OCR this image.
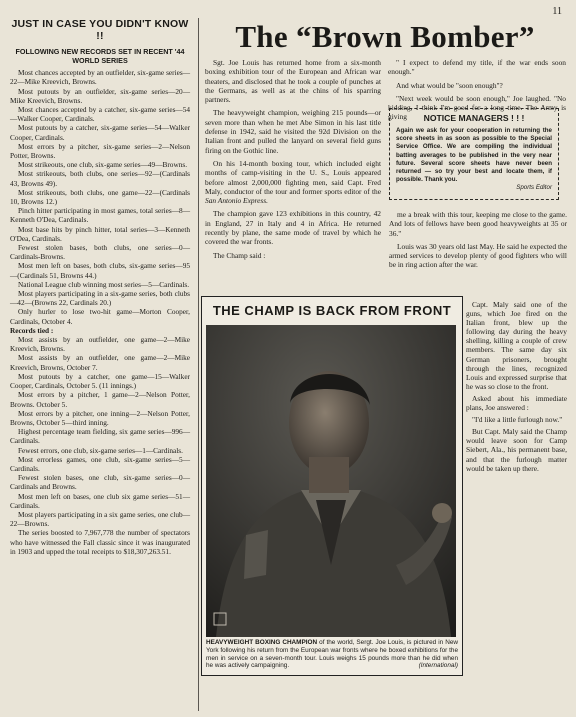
11
JUST IN CASE YOU DIDN'T KNOW !!
FOLLOWING NEW RECORDS SET IN RECENT '44 WORLD SERIES

Most chances accepted by an outfielder, six-game series—22—Mike Kreevich, Browns.

Most putouts by an outfielder, six-game series—20—Mike Kreevich, Browns.

Most chances accepted by a catcher, six-game series—54—Walker Cooper, Cardinals.

Most putouts by a catcher, six-game series—54—Walker Cooper, Cardinals.

Most errors by a pitcher, six-game series—2—Nelson Potter, Browns.

Most strikeouts, one club, six-game series—49—Browns.

Most strikeouts, both clubs, one series—92—(Cardinals 43, Browns 49).

Most strikeouts, both clubs, one game—22—(Cardinals 10, Browns 12.)

Pinch hitter participating in most games, total series—8—Kenneth O'Dea, Cardinals.

Most base hits by pinch hitter, total series—3—Kenneth O'Dea, Cardinals.

Fewest stolen bases, both clubs, one series—0—Cardinals-Browns.

Most men left on bases, both clubs, six-game series—95—(Cardinals 51, Browns 44.)

National League club winning most series—5—Cardinals.

Most players participating in a six-game series, both clubs—42—(Browns 22, Cardinals 20.)

Only hurler to lose two-hit game—Morton Cooper, Cardinals, October 4.

Records tied :

Most assists by an outfielder, one game—2—Mike Kreevich, Browns.

Most assists by an outfielder, one game—2—Mike Kreevich, Browns, October 7.

Most putouts by a catcher, one game—15—Walker Cooper, Cardinals, October 5. (11 innings.)

Most errors by a pitcher, 1 game—2—Nelson Potter, Browns. October 5.

Most errors by a pitcher, one inning—2—Nelson Potter, Browns, October 5—third inning.

Highest percentage team fielding, six game series—996—Cardinals.

Fewest errors, one club, six-game series—1—Cardinals.

Most errorless games, one club, six-game series—5—Cardinals.

Fewest stolen bases, one club, six-game series—0—Cardinals and Browns.

Most men left on bases, one club six game series—51—Cardinals.

Most players participating in a six game series, one club—22—Browns.

The series boosted to 7,967,778 the number of spectators who have witnessed the Fall classic since it was inaugurated in 1903 and upped the total receipts to $18,307,263.51.

The “Brown Bomber”

Sgt. Joe Louis has returned home from a six-month boxing exhibition tour of the European and African war theaters, and disclosed that he took a couple of punches at the Germans, as well as at the chins of his sparring partners.

The heavyweight champion, weighing 215 pounds—or seven more than when he met Abe Simon in his last title defense in 1942, said he visited the 92d Division on the Italian front and pulled the lanyard on several field guns firing on the Gothic line.

On his 14-month boxing tour, which included eight months of camp-visiting in the U. S., Louis appeared before almost 2,000,000 fighting men, said Capt. Fred Maly, conductor of the tour and former sports editor of the San Antonio Express.

The champion gave 123 exhibitions in this country, 42 in England, 27 in Italy and 4 in Africa. He returned recently by plane, the same mode of travel by which he covered the war fronts.

The Champ said :

" I expect to defend my title, if the war ends soon enough."

And what would be "soon enough"?

"Next week would be soon enough," Joe laughed. "No kidding, I think I'm good for a long time. The Army is giving	NOTICE MANAGERS ! ! !
Again we ask for your cooperation in returning the score sheets in as soon as possible to the Special Service Office. We are compiling the individual batting averages to be published in the very near future. Several score sheets have never been returned — so try your best and locate them, if possible. Thank you.
Sports Editor

me a break with this tour, keeping me close to the game. And lots of fellows have been good heavyweights at 35 or 36."

Louis was 30 years old last May. He said he expected the armed services to develop plenty of good fighters who will be in ring action after the war.

THE CHAMP IS BACK FROM FRONT
HEAVYWEIGHT BOXING CHAMPION of the world, Sergt. Joe Louis, is pictured in New York following his return from the European war fronts where he boxed exhibitions for the men in service on a seven-month tour. Louis weighs 15 pounds more than he did when he was actively campaigning.	(International)

Capt. Maly said one of the guns, which Joe fired on the Italian front, blew up the following day during the heavy shelling, killing a couple of crew members. The same day six German prisoners, brought through the lines, recognized Louis and expressed surprise that he was so close to the front.

Asked about his immediate plans, Joe answered :

"I'd like a little furlough now."

But Capt. Maly said the Champ would leave soon for Camp Siebert, Ala., his permanent base, and that the furlough matter would be taken up there.
